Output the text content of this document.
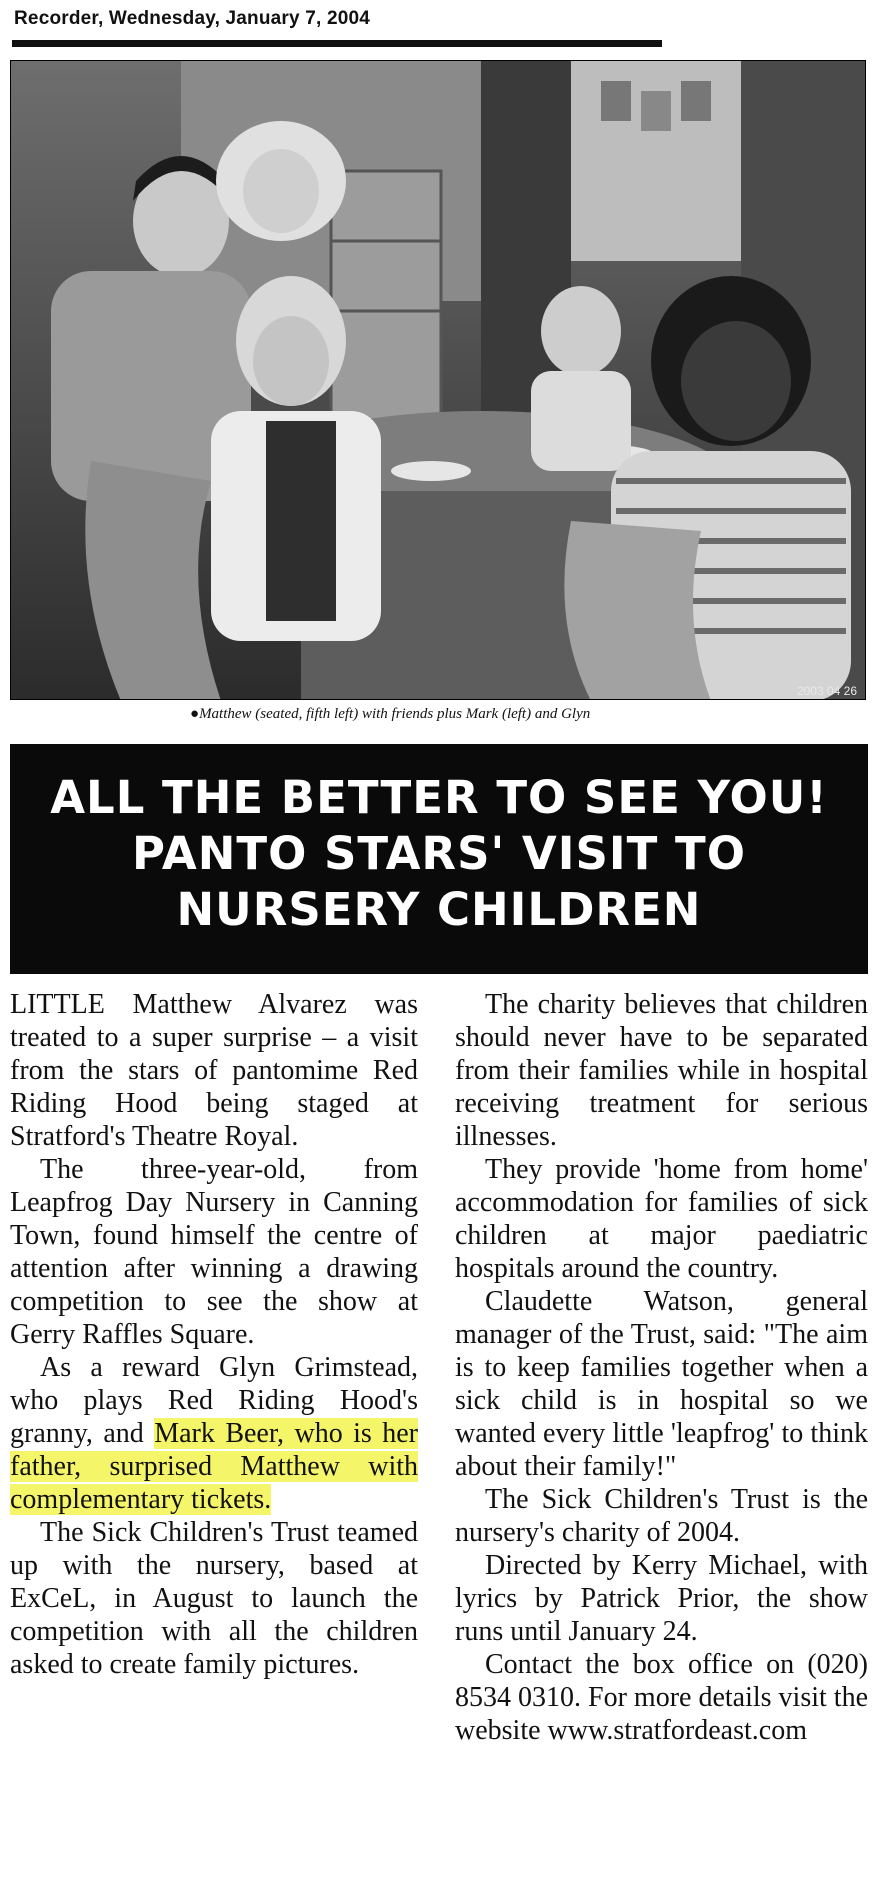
Recorder, Wednesday, January 7, 2004
2003 04 26
●Matthew (seated, fifth left) with friends plus Mark (left) and Glyn
ALL THE BETTER TO SEE YOU! PANTO STARS' VISIT TO NURSERY CHILDREN

LITTLE Matthew Alvarez was treated to a super surprise – a visit from the stars of pantomime Red Riding Hood being staged at Stratford's Theatre Royal.

The three-year-old, from Leapfrog Day Nursery in Canning Town, found himself the centre of attention after winning a drawing competition to see the show at Gerry Raffles Square.

As a reward Glyn Grimstead, who plays Red Riding Hood's granny, and Mark Beer, who is her father, surprised Matthew with complementary tickets.

The Sick Children's Trust teamed up with the nursery, based at ExCeL, in August to launch the competition with all the children asked to create family pictures.

The charity believes that children should never have to be separated from their families while in hospital receiving treatment for serious illnesses.

They provide 'home from home' accommodation for families of sick children at major paediatric hospitals around the country.

Claudette Watson, general manager of the Trust, said: "The aim is to keep families together when a sick child is in hospital so we wanted every little 'leapfrog' to think about their family!"

The Sick Children's Trust is the nursery's charity of 2004.

Directed by Kerry Michael, with lyrics by Patrick Prior, the show runs until January 24.

Contact the box office on (020) 8534 0310. For more details visit the website www.stratfordeast.com
